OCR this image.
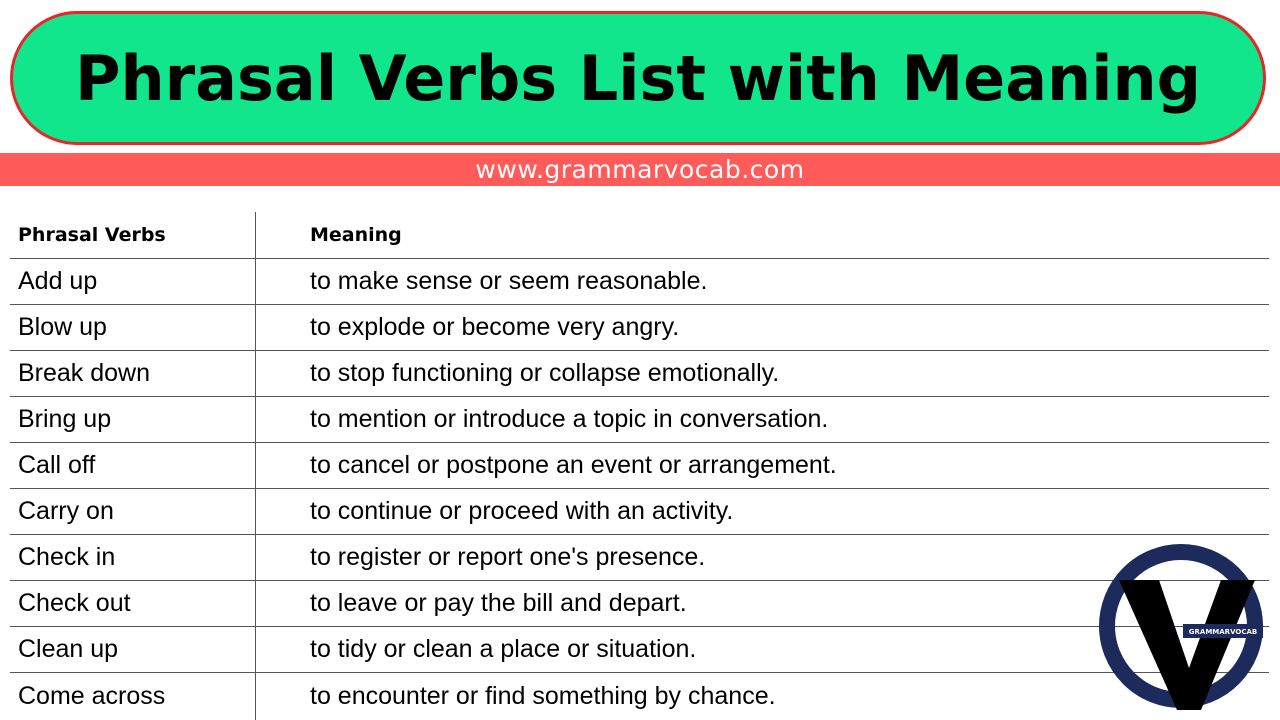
Phrasal Verbs List with Meaning
www.grammarvocab.com
Phrasal Verbs	Meaning
Add up	to make sense or seem reasonable.
Blow up	to explode or become very angry.
Break down	to stop functioning or collapse emotionally.
Bring up	to mention or introduce a topic in conversation.
Call off	to cancel or postpone an event or arrangement.
Carry on	to continue or proceed with an activity.
Check in	to register or report one's presence.
Check out	to leave or pay the bill and depart.
Clean up	to tidy or clean a place or situation.
Come across	to encounter or find something by chance.
GRAMMARVOCAB
